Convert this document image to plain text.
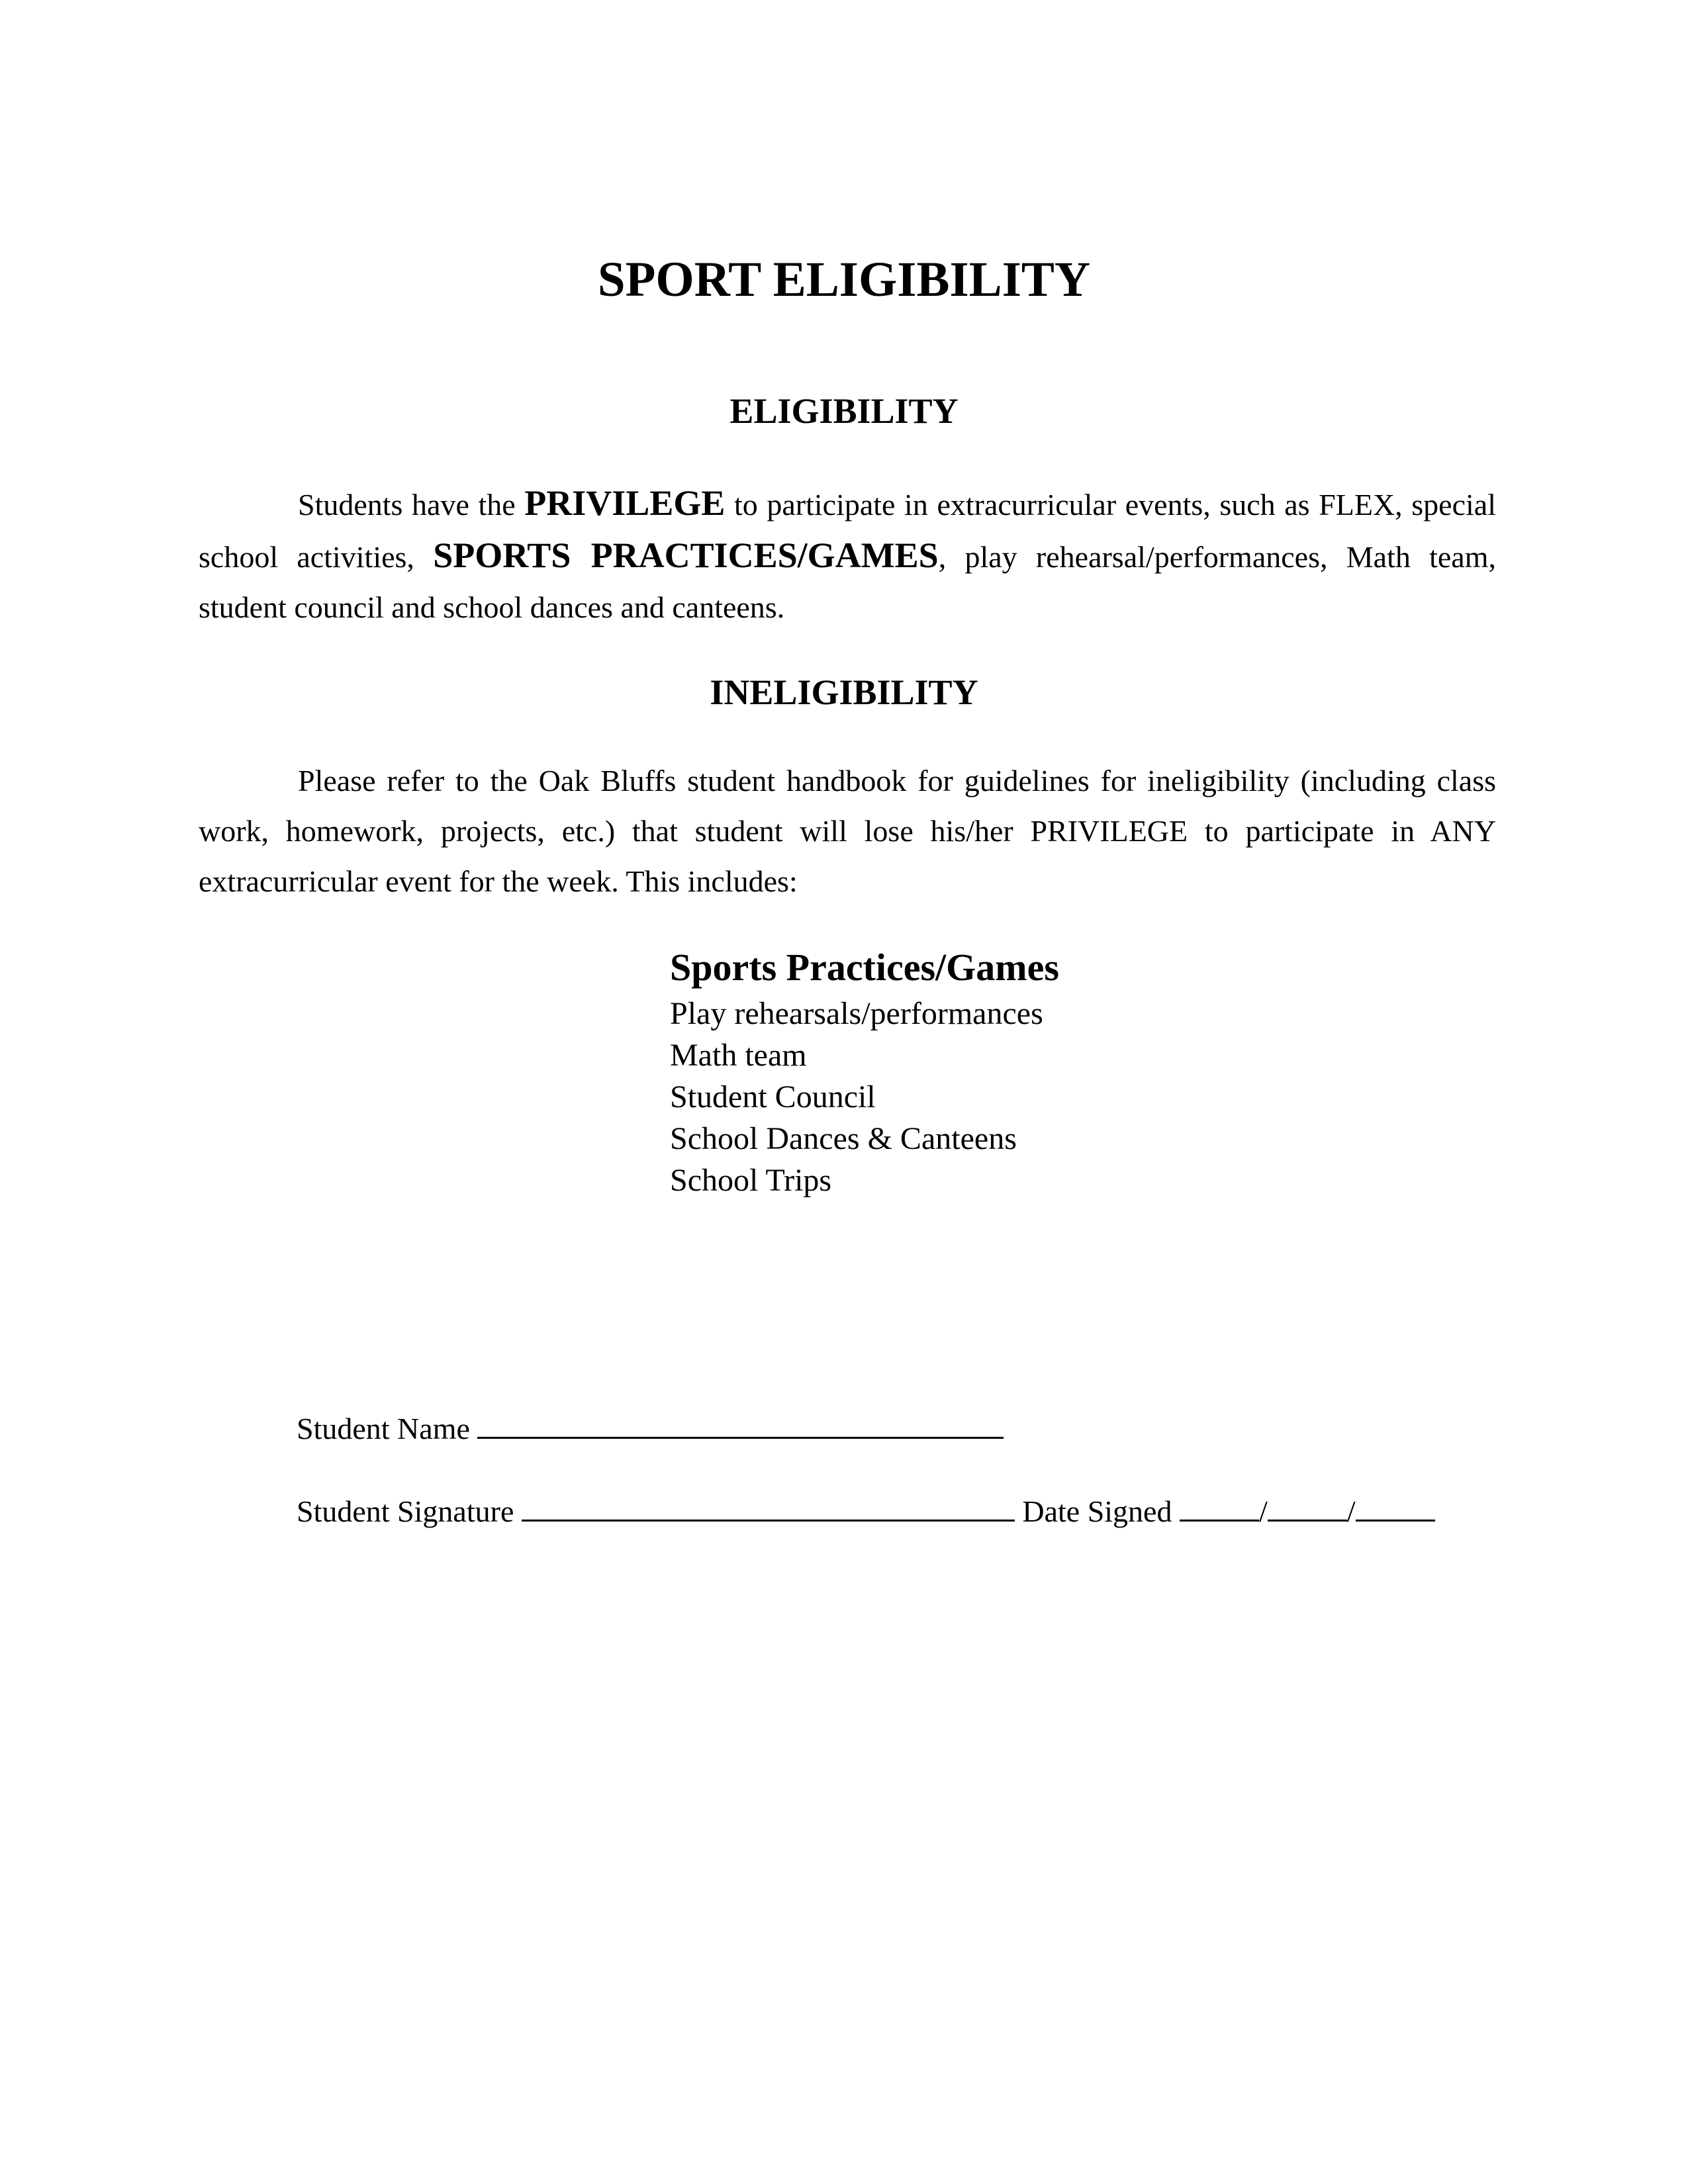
SPORT ELIGIBILITY
ELIGIBILITY

Students have the PRIVILEGE to participate in extracurricular events, such as FLEX, special school activities, SPORTS PRACTICES/GAMES, play rehearsal/performances, Math team, student council and school dances and canteens.

INELIGIBILITY

Please refer to the Oak Bluffs student handbook for guidelines for ineligibility (including class work, homework, projects, etc.) that student will lose his/her PRIVILEGE to participate in ANY extracurricular event for the week. This includes:

Sports Practices/Games
Play rehearsals/performances
Math team
Student Council
School Dances & Canteens
School Trips
Student Name
Student Signature	Date Signed	/	/
